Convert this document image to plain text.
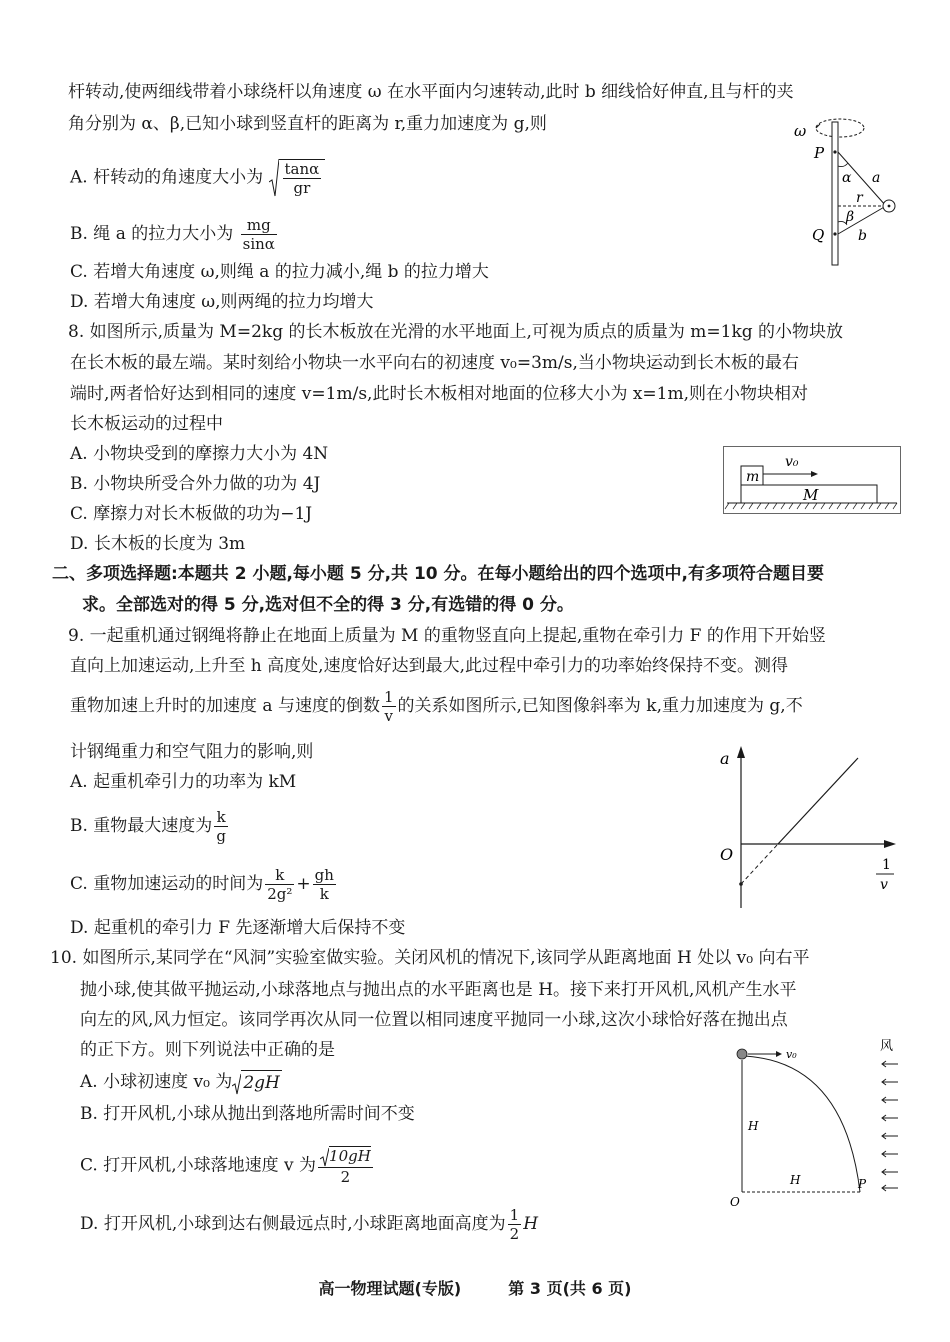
杆转动,使两细线带着小球绕杆以角速度 ω 在水平面内匀速转动,此时 b 细线恰好伸直,且与杆的夹
角分别为 α、β,已知小球到竖直杆的距离为 r,重力加速度为 g,则
A. 杆转动的角速度大小为 $\frac{\tan\alpha}{gr}$
B. 绳 a 的拉力大小为 $\frac{mg}{\sin\alpha}$
C. 若增大角速度 ω,则绳 a 的拉力减小,绳 b 的拉力增大
D. 若增大角速度 ω,则两绳的拉力均增大
ω
P
Q
α
β
a
b
r
8. 如图所示,质量为 M=2kg 的长木板放在光滑的水平地面上,可视为质点的质量为 m=1kg 的小物块放
在长木板的最左端。某时刻给小物块一水平向右的初速度 v₀=3m/s,当小物块运动到长木板的最右
端时,两者恰好达到相同的速度 v=1m/s,此时长木板相对地面的位移大小为 x=1m,则在小物块相对
长木板运动的过程中
A. 小物块受到的摩擦力大小为 4N
B. 小物块所受合外力做的功为 4J
C. 摩擦力对长木板做的功为−1J
D. 长木板的长度为 3m
v₀
m
M
二、多项选择题:本题共 2 小题,每小题 5 分,共 10 分。在每小题给出的四个选项中,有多项符合题目要
求。全部选对的得 5 分,选对但不全的得 3 分,有选错的得 0 分。
9. 一起重机通过钢绳将静止在地面上质量为 M 的重物竖直向上提起,重物在牵引力 F 的作用下开始竖
直向上加速运动,上升至 h 高度处,速度恰好达到最大,此过程中牵引力的功率始终保持不变。测得
重物加速上升时的加速度 a 与速度的倒数 $\frac{1}{v}$ 的关系如图所示,已知图像斜率为 k,重力加速度为 g,不
计钢绳重力和空气阻力的影响,则
A. 起重机牵引力的功率为 kM
B. 重物最大速度为 $\frac{k}{g}$
C. 重物加速运动的时间为 $\frac{k}{\text{2g²}} + \frac{gh}{k}$
D. 起重机的牵引力 F 先逐渐增大后保持不变
a
O
1
v
10. 如图所示,某同学在“风洞”实验室做实验。关闭风机的情况下,该同学从距离地面 H 处以 v₀ 向右平
抛小球,使其做平抛运动,小球落地点与抛出点的水平距离也是 H。接下来打开风机,风机产生水平
向左的风,风力恒定。该同学再次从同一位置以相同速度平抛同一小球,这次小球恰好落在抛出点
的正下方。则下列说法中正确的是
A. 小球初速度 v₀ 为 2gH
B. 打开风机,小球从抛出到落地所需时间不变
C. 打开风机,小球落地速度 v 为 $\frac{10gH}{2}$
D. 打开风机,小球到达右侧最远点时,小球距离地面高度为 $\frac{1}{2}$ H
v₀
风
H
H
O
P
高一物理试题(专版)	第 3 页(共 6 页)
